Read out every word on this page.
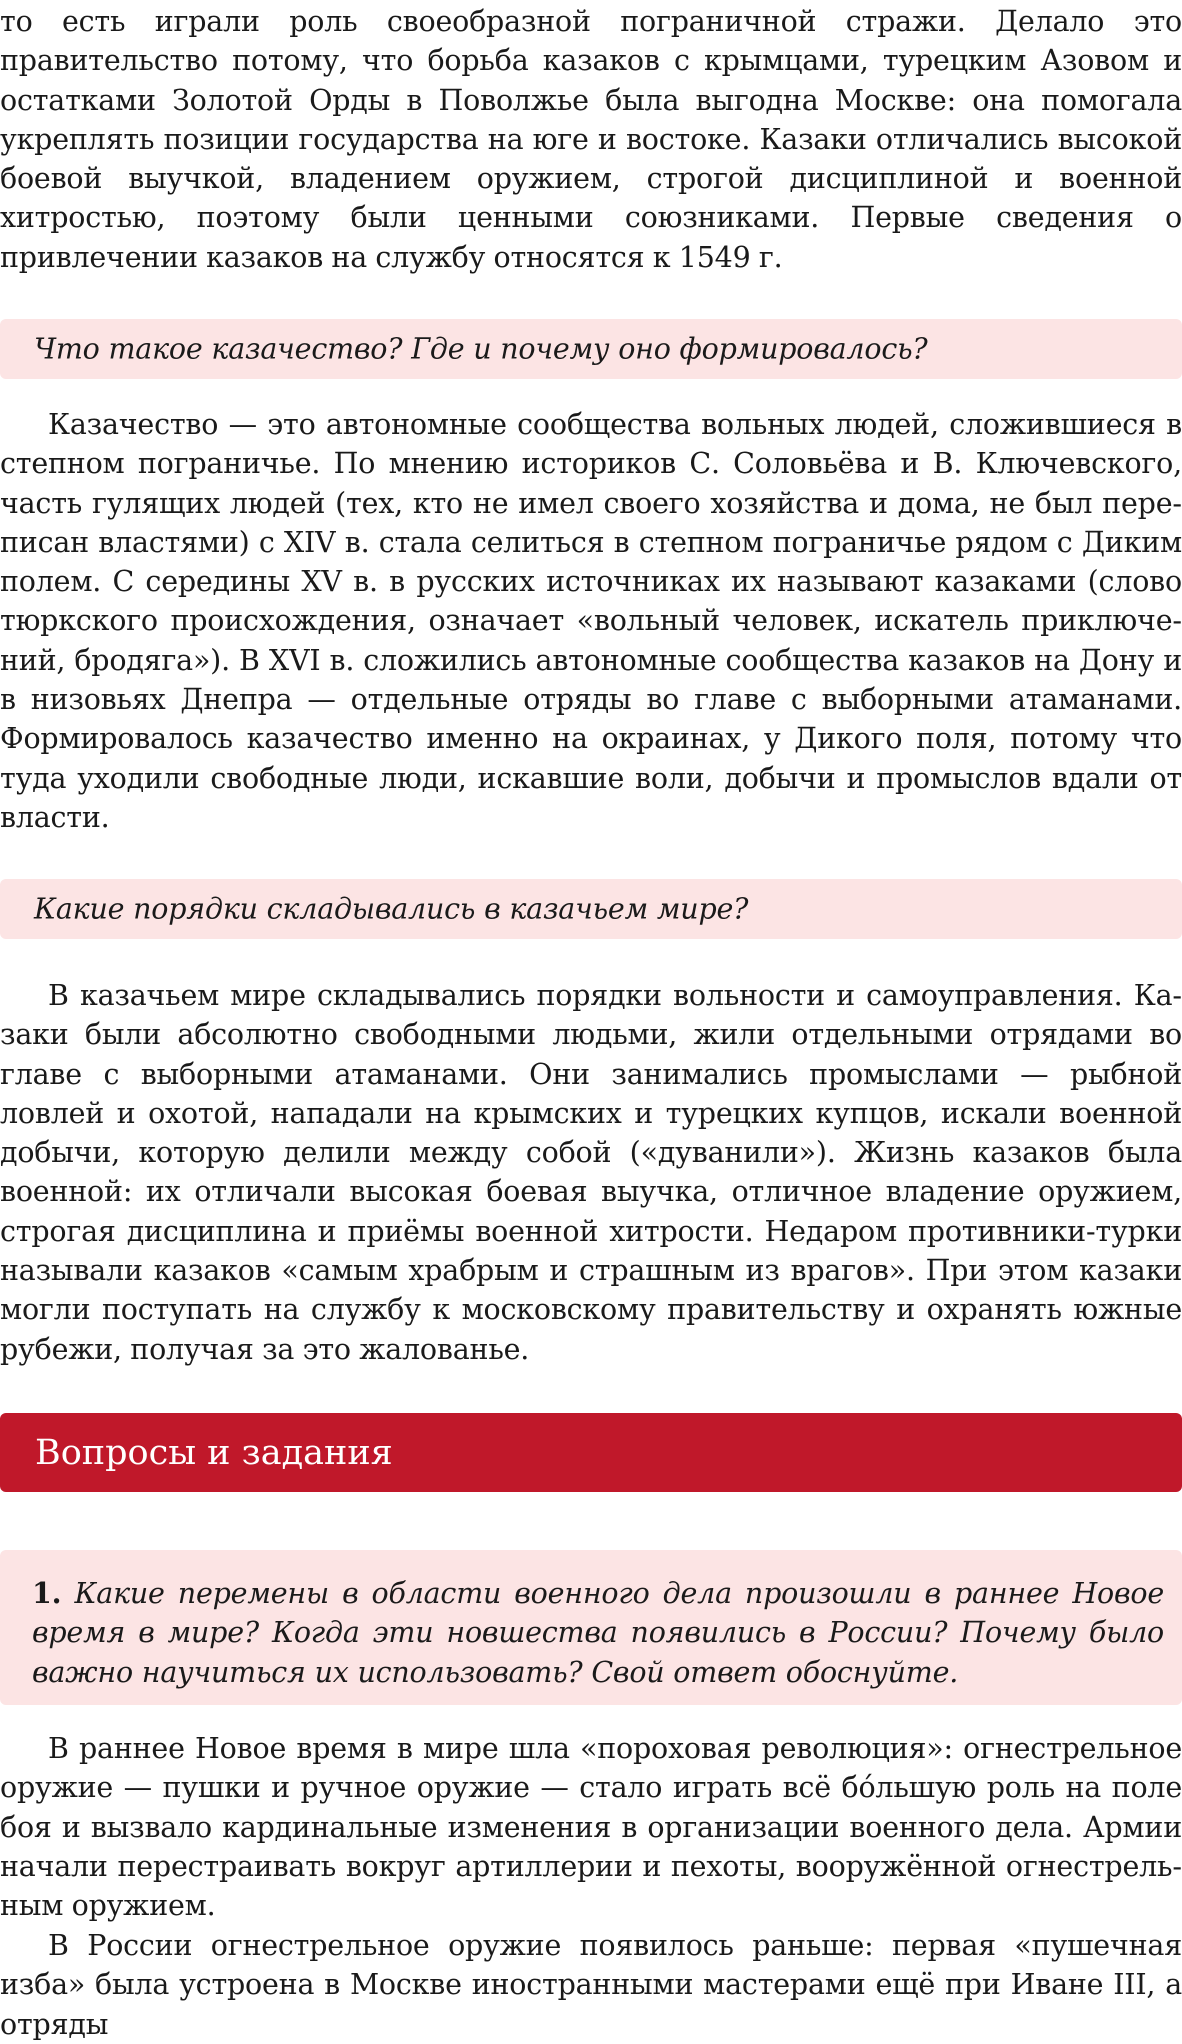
то есть играли роль своеобразной пограничной стражи. Делало это правительство потому, что борьба казаков с крымцами, турецким Азовом и остатками Золотой Орды в Поволжье была выгодна Москве: она помогала укреплять позиции государства на юге и востоке. Казаки отличались высокой боевой выучкой, владением оружием, строгой дисциплиной и военной хитростью, поэтому были ценными союзниками. Первые сведения о привлечении казаков на службу относятся к 1549 г.

Что такое казачество? Где и почему оно формировалось?

Казачество — это автономные сообщества вольных людей, сложившиеся в степном пограничье. По мнению историков С. Соловьёва и В. Ключевского, часть гулящих людей (тех, кто не имел своего хозяйства и дома, не был переписан властями) с XIV в. стала селиться в степном пограничье рядом с Диким полем. С середины XV в. в русских источниках их называют казаками (слово тюркского происхождения, означает «вольный человек, искатель приключений, бродяга»). В XVI в. сложились автономные сообщества казаков на Дону и в низовьях Днепра — отдельные отряды во главе с выборными атаманами. Формировалось казачество именно на окраинах, у Дикого поля, потому что туда уходили свободные люди, искавшие воли, добычи и промыслов вдали от власти.

Какие порядки складывались в казачьем мире?

В казачьем мире складывались порядки вольности и самоуправления. Казаки были абсолютно свободными людьми, жили отдельными отрядами во главе с выборными атаманами. Они занимались промыслами — рыбной ловлей и охотой, нападали на крымских и турецких купцов, искали военной добычи, которую делили между собой («дуванили»). Жизнь казаков была военной: их отличали высокая боевая выучка, отличное владение оружием, строгая дисциплина и приёмы военной хитрости. Недаром противники-турки называли казаков «самым храбрым и страшным из врагов». При этом казаки могли поступать на службу к московскому правительству и охранять южные рубежи, получая за это жалованье.

Вопросы и задания
1. Какие перемены в области военного дела произошли в раннее Новое время в мире? Когда эти новшества появились в России? Почему было важно научиться их использовать? Свой ответ обоснуйте.

В раннее Новое время в мире шла «пороховая революция»: огнестрельное оружие — пушки и ручное оружие — стало играть всё бóльшую роль на поле боя и вызвало кардинальные изменения в организации военного дела. Армии начали перестраивать вокруг артиллерии и пехоты, вооружённой огнестрельным оружием.

В России огнестрельное оружие появилось раньше: первая «пушечная изба» была устроена в Москве иностранными мастерами ещё при Иване III, а отряды
